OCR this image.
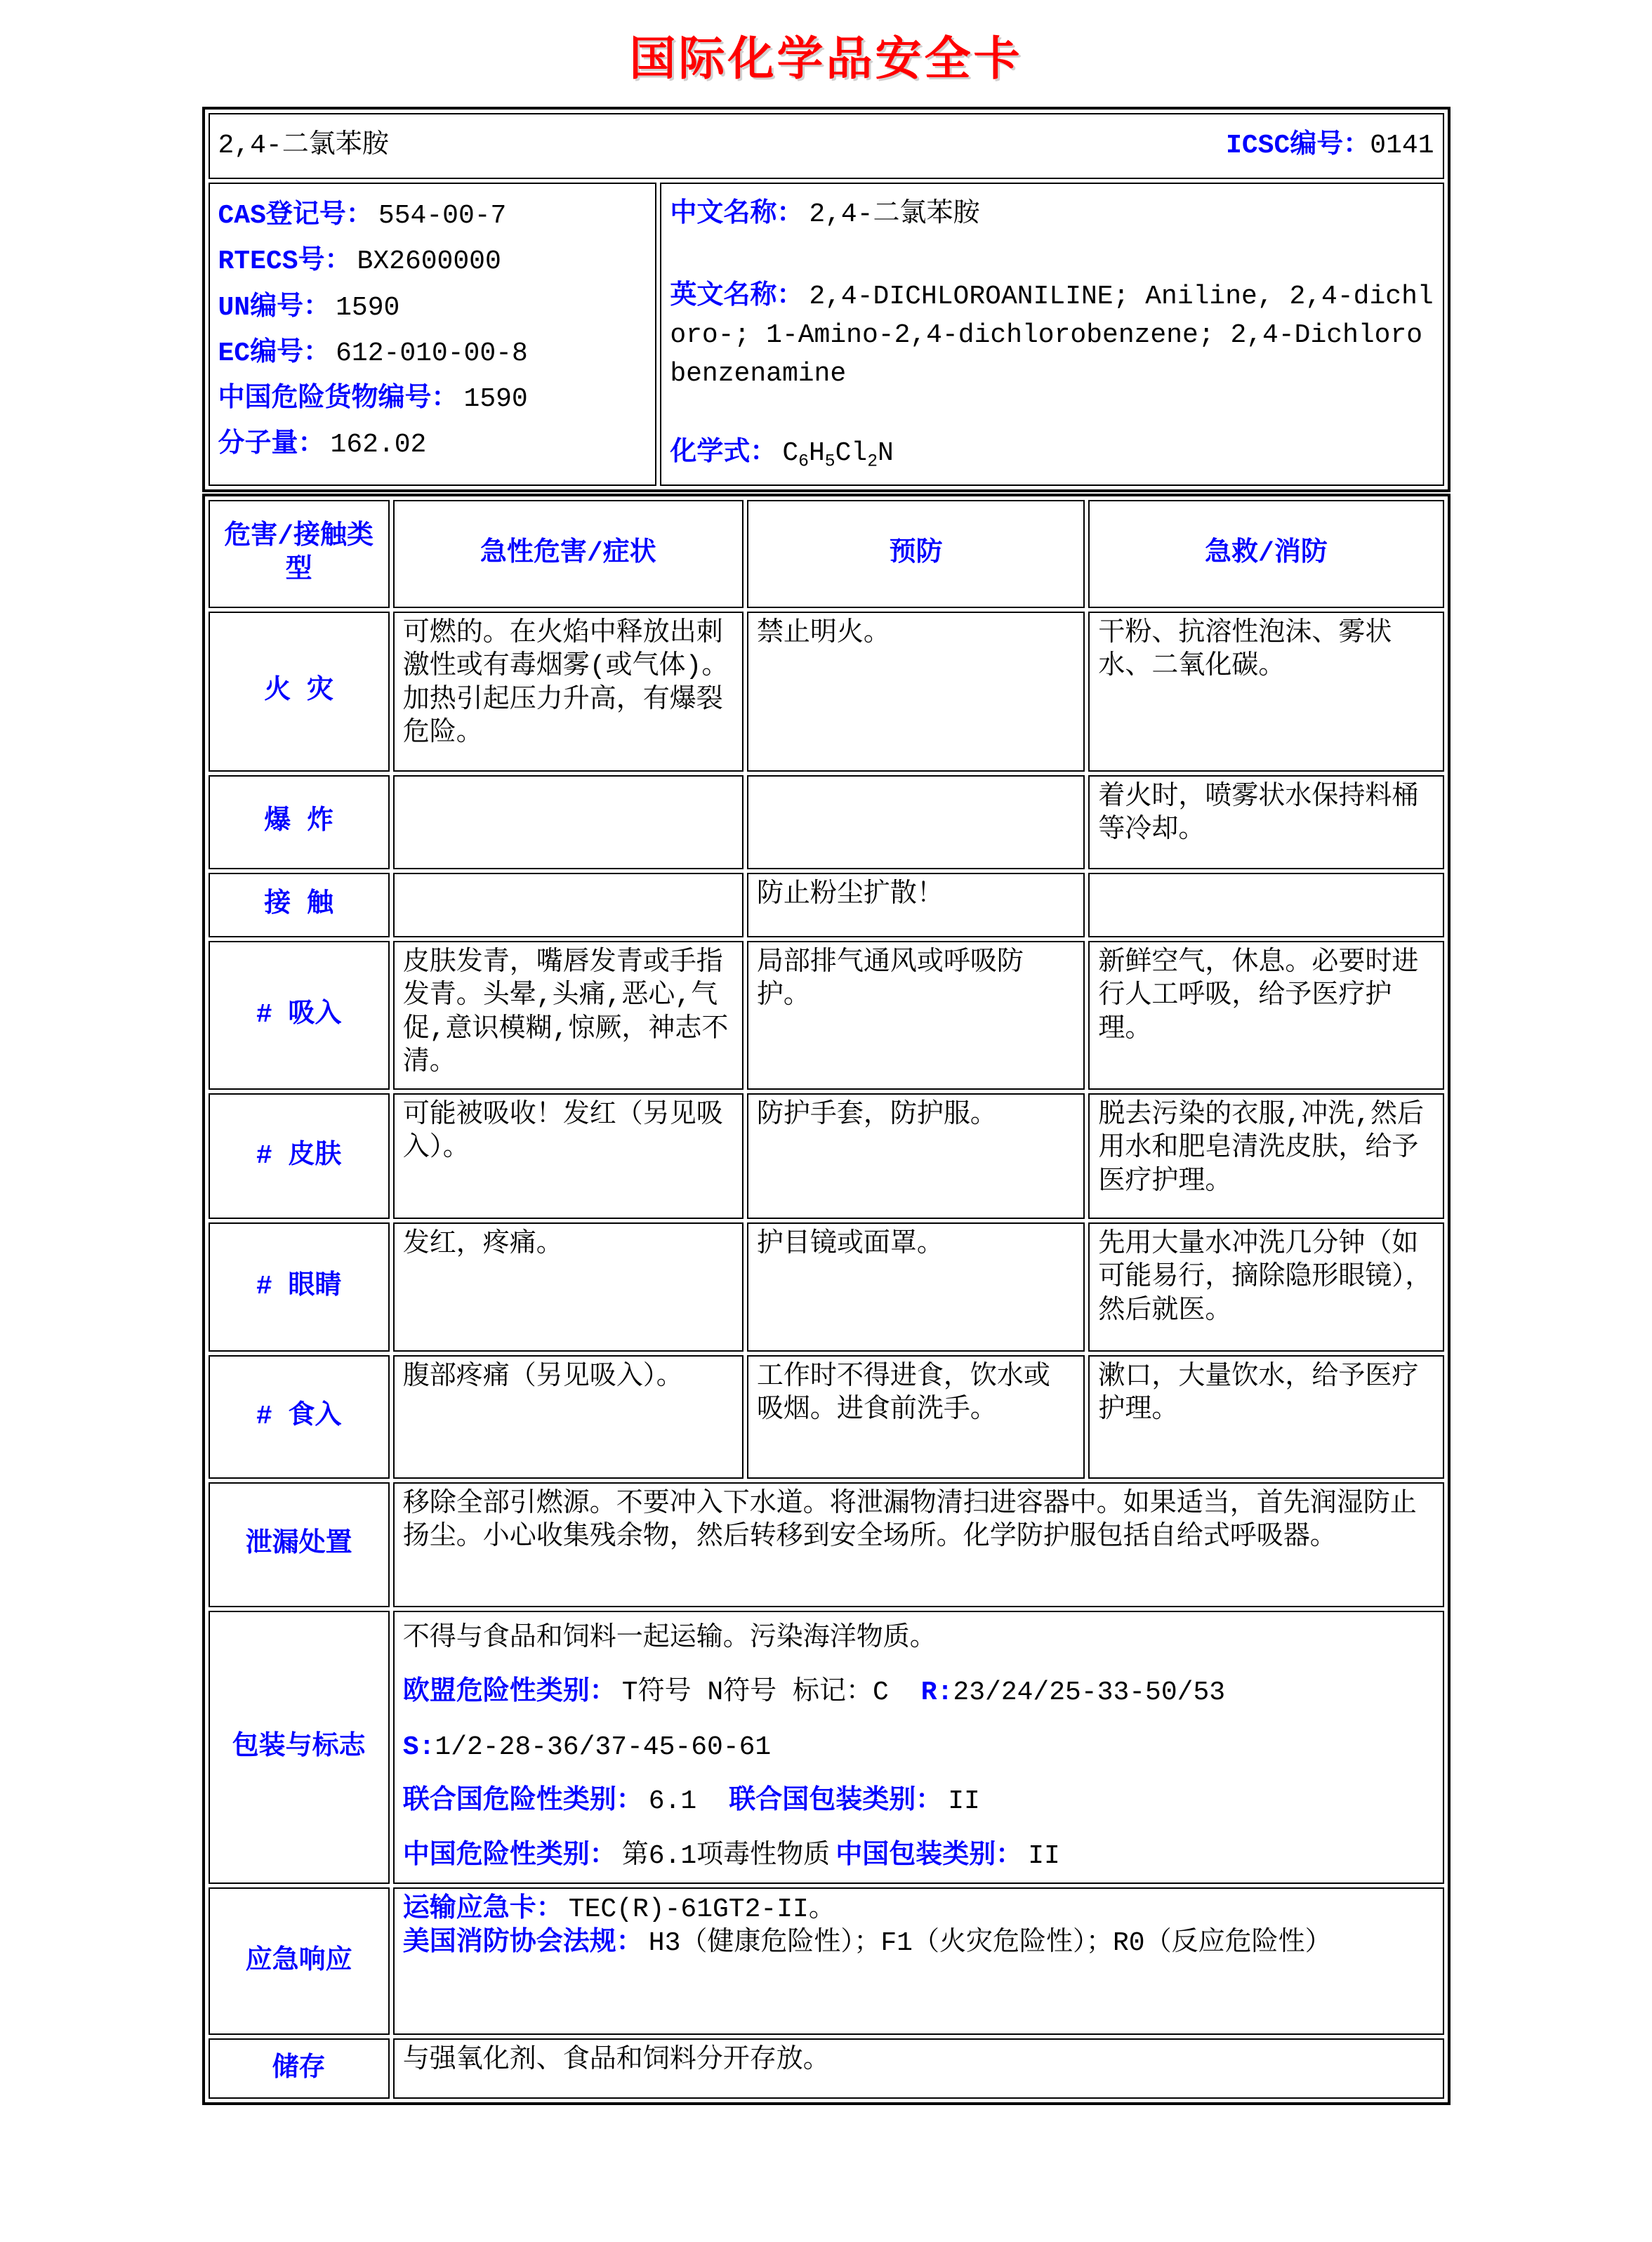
国际化学品安全卡
2,4-二氯苯胺	ICSC编号：0141

CAS登记号： 554-00-7
RTECS号： BX2600000
UN编号： 1590
EC编号： 612-010-00-8
中国危险货物编号： 1590
分子量： 162.02

中文名称： 2,4-二氯苯胺
英文名称： 2,4-DICHLOROANILINE; Aniline, 2,4-dichloro-; 1-Amino-2,4-dichlorobenzene; 2,4-Dichlorobenzenamine
化学式： $C_6H_5Cl_2N$
危害/接触类型	急性危害/症状	预防	急救/消防
火 灾	可燃的。在火焰中释放出刺激性或有毒烟雾(或气体)。加热引起压力升高，有爆裂危险。	禁止明火。	干粉、抗溶性泡沫、雾状水、二氧化碳。
爆 炸			着火时，喷雾状水保持料桶等冷却。
接 触		防止粉尘扩散！	
# 吸入	皮肤发青，嘴唇发青或手指发青。头晕,头痛,恶心,气促,意识模糊,惊厥，神志不清。	局部排气通风或呼吸防护。	新鲜空气，休息。必要时进行人工呼吸，给予医疗护理。
# 皮肤	可能被吸收！发红（另见吸入）。	防护手套，防护服。	脱去污染的衣服,冲洗,然后用水和肥皂清洗皮肤，给予医疗护理。
# 眼睛	发红，疼痛。	护目镜或面罩。	先用大量水冲洗几分钟（如可能易行，摘除隐形眼镜），然后就医。
# 食入	腹部疼痛（另见吸入）。	工作时不得进食，饮水或吸烟。进食前洗手。	漱口，大量饮水，给予医疗护理。
泄漏处置	移除全部引燃源。不要冲入下水道。将泄漏物清扫进容器中。如果适当，首先润湿防止扬尘。小心收集残余物，然后转移到安全场所。化学防护服包括自给式呼吸器。		
包装与标志	不得与食品和饲料一起运输。污染海洋物质。
欧盟危险性类别： T符号 N符号 标记：C R:23/24/25-33-50/53
S:1/2-28-36/37-45-60-61
联合国危险性类别： 6.1 联合国包装类别： II
中国危险性类别： 第6.1项毒性物质 中国包装类别： II		

应急响应	运输应急卡： TEC(R)-61GT2-II。
美国消防协会法规： H3（健康危险性）；F1（火灾危险性）；R0（反应危险性）		

储存	与强氧化剂、食品和饲料分开存放。		
